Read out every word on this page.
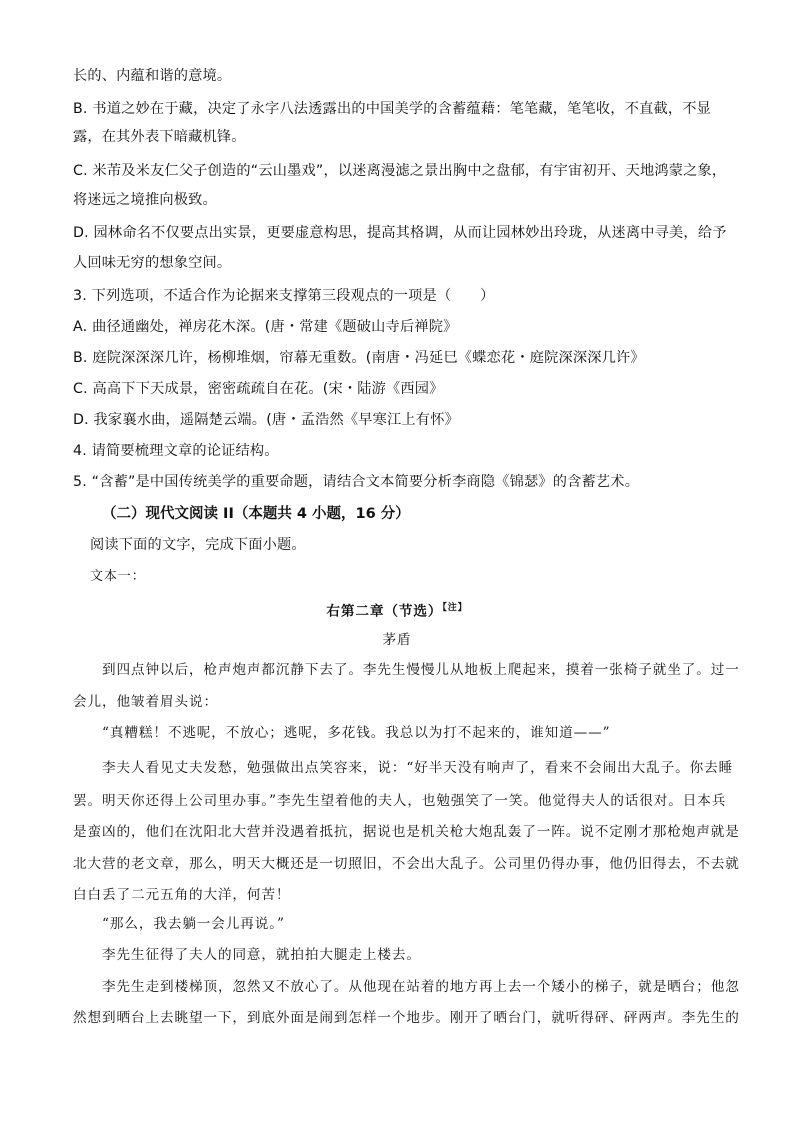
长的、内蕴和谐的意境。
B. 书道之妙在于藏，决定了永字八法透露出的中国美学的含蓄蕴藉：笔笔藏，笔笔收，不直截，不显
露，在其外表下暗藏机锋。
C. 米芾及米友仁父子创造的“云山墨戏”，以迷离漫滤之景出胸中之盘郁，有宇宙初开、天地鸿蒙之象，
将迷远之境推向极致。
D. 园林命名不仅要点出实景，更要虚意构思，提高其格调，从而让园林妙出玲珑，从迷离中寻美，给予
人回味无穷的想象空间。
3. 下列选项，不适合作为论据来支撑第三段观点的一项是（　　）
A. 曲径通幽处，禅房花木深。(唐・常建《题破山寺后禅院》
B. 庭院深深深几许，杨柳堆烟，帘幕无重数。(南唐・冯延巳《蝶恋花・庭院深深深几许》
C. 高高下下天成景，密密疏疏自在花。(宋・陆游《西园》
D. 我家襄水曲，遥隔楚云端。(唐・孟浩然《早寒江上有怀》
4. 请简要梳理文章的论证结构。
5. “含蓄”是中国传统美学的重要命题，请结合文本简要分析李商隐《锦瑟》的含蓄艺术。
（二）现代文阅读 II（本题共 4 小题，16 分）
阅读下面的文字，完成下面小题。
文本一：
右第二章（节选）$^{【注】}$
茅盾
到四点钟以后，枪声炮声都沉静下去了。李先生慢慢儿从地板上爬起来，摸着一张椅子就坐了。过一
会儿，他皱着眉头说：
“真糟糕！不逃呢，不放心；逃呢，多花钱。我总以为打不起来的，谁知道——”
李夫人看见丈夫发愁，勉强做出点笑容来，说：“好半天没有响声了，看来不会闹出大乱子。你去睡
罢。明天你还得上公司里办事。”李先生望着他的夫人，也勉强笑了一笑。他觉得夫人的话很对。日本兵
是蛮凶的，他们在沈阳北大营并没遇着抵抗，据说也是机关枪大炮乱轰了一阵。说不定刚才那枪炮声就是
北大营的老文章，那么，明天大概还是一切照旧，不会出大乱子。公司里仍得办事，他仍旧得去，不去就
白白丢了二元五角的大洋，何苦！
“那么，我去躺一会儿再说。”
李先生征得了夫人的同意，就拍拍大腿走上楼去。
李先生走到楼梯顶，忽然又不放心了。从他现在站着的地方再上去一个矮小的梯子，就是晒台；他忽
然想到晒台上去眺望一下，到底外面是闹到怎样一个地步。刚开了晒台门，就听得砰、砰两声。李先生的
